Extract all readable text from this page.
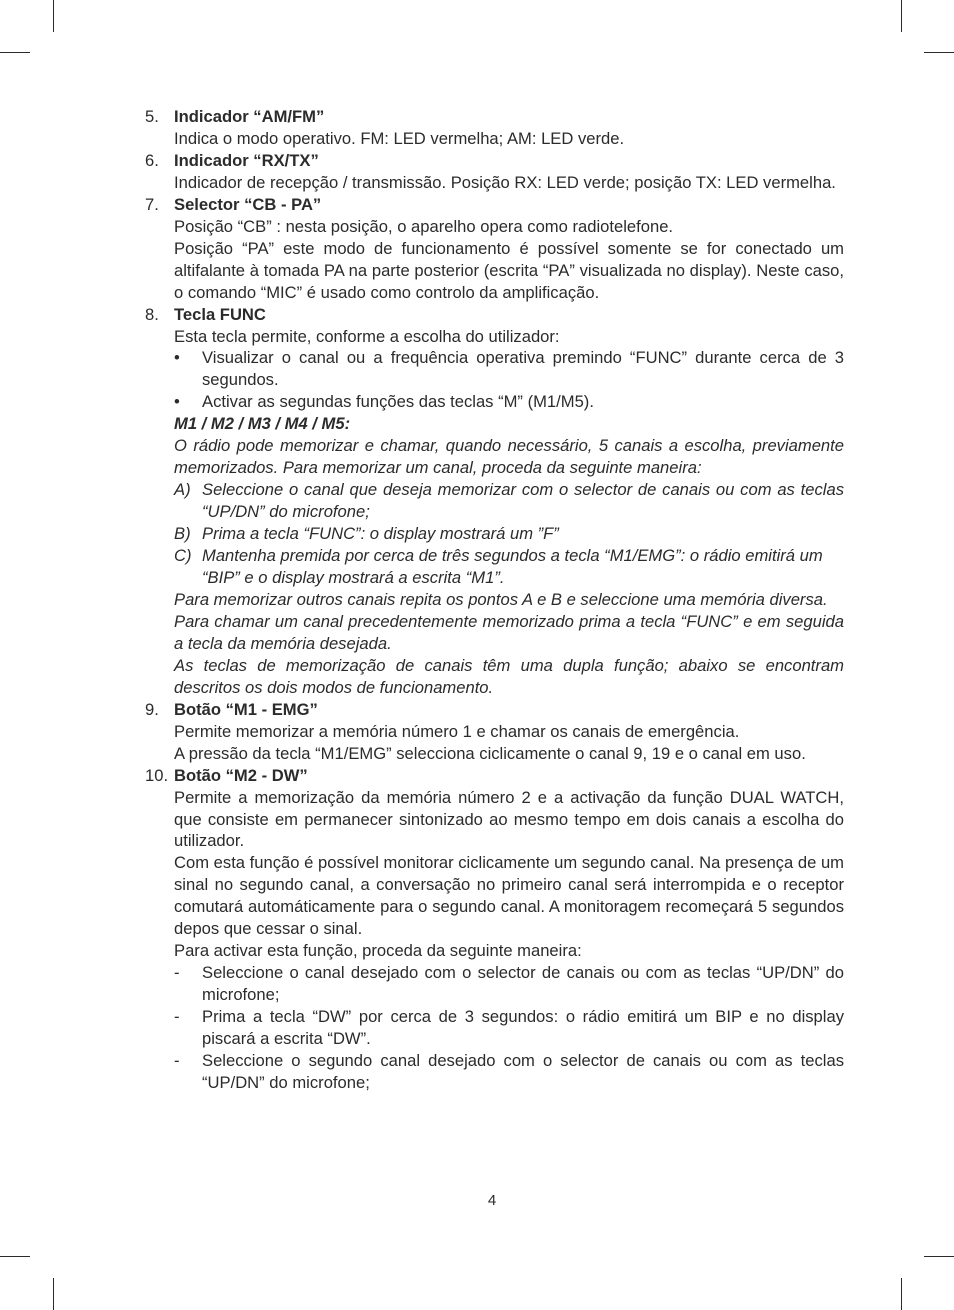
5. Indicador “AM/FM”
Indica o modo operativo. FM: LED vermelha; AM: LED verde.
6. Indicador “RX/TX”
Indicador de recepção / transmissão. Posição RX: LED verde; posição TX: LED vermelha.
7. Selector “CB - PA”
Posição “CB” : nesta posição, o aparelho opera como radiotelefone.
Posição “PA” este modo de funcionamento é possível somente se for conectado um altifalante à tomada PA na parte posterior (escrita “PA” visualizada no display). Neste caso, o comando “MIC” é usado como controlo da amplificação.
8. Tecla FUNC
Esta tecla permite, conforme a escolha do utilizador:
• Visualizar o canal ou a frequência operativa premindo “FUNC” durante cerca de 3 segundos.
• Activar as segundas funções das teclas “M” (M1/M5).
M1 / M2 / M3 / M4 / M5:
O rádio pode memorizar e chamar, quando necessário, 5 canais a escolha, previamente memorizados. Para memorizar um canal, proceda da seguinte maneira:
A) Seleccione o canal que deseja memorizar com o selector de canais ou com as teclas “UP/DN” do microfone;
B) Prima a tecla “FUNC”: o display mostrará um ”F”
C) Mantenha premida por cerca de três segundos a tecla “M1/EMG”: o rádio emitirá um “BIP” e o display mostrará a escrita “M1”.
Para memorizar outros canais repita os pontos A e B e seleccione uma memória diversa.
Para chamar um canal precedentemente memorizado prima a tecla “FUNC” e em seguida a tecla da memória desejada.
As teclas de memorização de canais têm uma dupla função; abaixo se encontram descritos os dois modos de funcionamento.
9. Botão “M1 - EMG”
Permite memorizar a memória número 1 e chamar os canais de emergência.
A pressão da tecla “M1/EMG” selecciona ciclicamente o canal 9, 19 e o canal em uso.
10. Botão “M2 - DW”
Permite a memorização da memória número 2 e a activação da função DUAL WATCH, que consiste em permanecer sintonizado ao mesmo tempo em dois canais a escolha do utilizador.
Com esta função é possível monitorar ciclicamente um segundo canal. Na presença de um sinal no segundo canal, a conversação no primeiro canal será interrompida e o receptor comutará automáticamente para o segundo canal. A monitoragem recomeçará 5 segundos depos que cessar o sinal.
Para activar esta função, proceda da seguinte maneira:
- Seleccione o canal desejado com o selector de canais ou com as teclas “UP/DN” do microfone;
- Prima a tecla “DW” por cerca de 3 segundos: o rádio emitirá um BIP e no display piscará a escrita “DW”.
- Seleccione o segundo canal desejado com o selector de canais ou com as teclas “UP/DN” do microfone;
4
